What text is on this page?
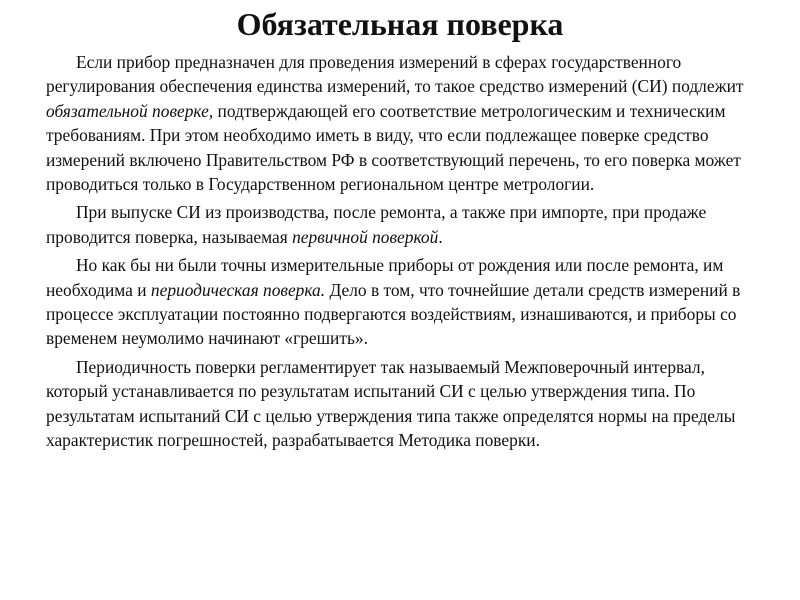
Обязательная поверка

Если прибор предназначен для проведения измерений в сферах государственного регулирования обеспечения единства измерений, то такое средство измерений (СИ) подлежит обязательной поверке, подтверждающей его соответствие метрологическим и техническим требованиям. При этом необходимо иметь в виду, что если подлежащее поверке средство измерений включено Правительством РФ в соответствующий перечень, то его поверка может проводиться только в Государственном региональном центре метрологии.

При выпуске СИ из производства, после ремонта, а также при импорте, при продаже проводится поверка, называемая первичной поверкой.

Но как бы ни были точны измерительные приборы от рождения или после ремонта, им необходима и периодическая поверка. Дело в том, что точнейшие детали средств измерений в процессе эксплуатации постоянно подвергаются воздействиям, изнашиваются, и приборы со временем неумолимо начинают «грешить».

Периодичность поверки регламентирует так называемый Межповерочный интервал, который устанавливается по результатам испытаний СИ с целью утверждения типа. По результатам испытаний СИ с целью утверждения типа также определятся нормы на пределы характеристик погрешностей, разрабатывается Методика поверки.
